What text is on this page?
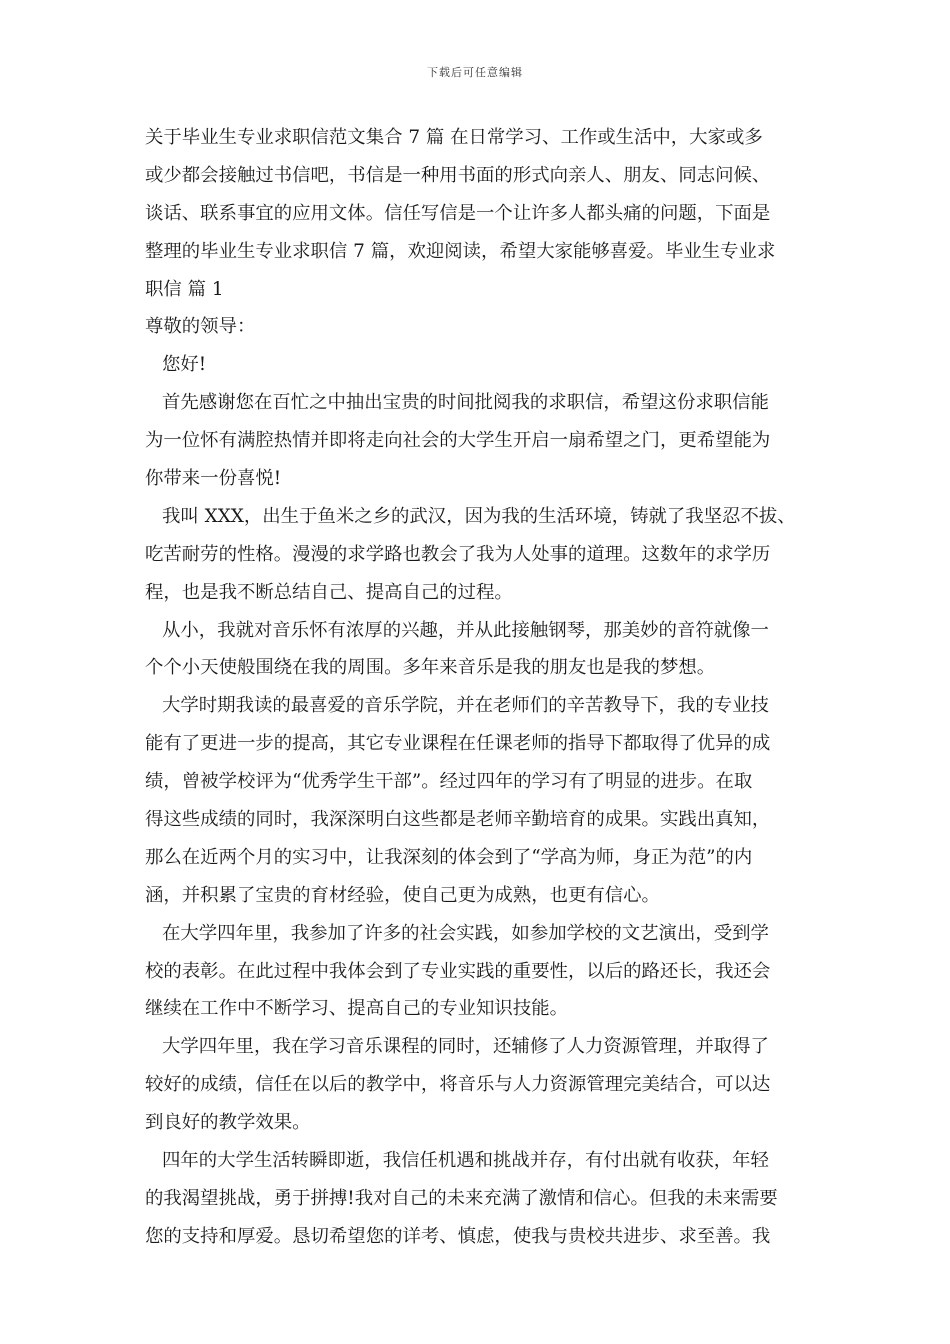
下载后可任意编辑
关于毕业生专业求职信范文集合 7 篇 在日常学习、工作或生活中，大家或多
或少都会接触过书信吧，书信是一种用书面的形式向亲人、朋友、同志问候、
谈话、联系事宜的应用文体。信任写信是一个让许多人都头痛的问题，下面是
整理的毕业生专业求职信 7 篇，欢迎阅读，希望大家能够喜爱。毕业生专业求
职信 篇 1
尊敬的领导：
您好!
首先感谢您在百忙之中抽出宝贵的时间批阅我的求职信，希望这份求职信能
为一位怀有满腔热情并即将走向社会的大学生开启一扇希望之门，更希望能为
你带来一份喜悦!
我叫 XXX，出生于鱼米之乡的武汉，因为我的生活环境，铸就了我坚忍不拔、
吃苦耐劳的性格。漫漫的求学路也教会了我为人处事的道理。这数年的求学历
程，也是我不断总结自己、提高自己的过程。
从小，我就对音乐怀有浓厚的兴趣，并从此接触钢琴，那美妙的音符就像一
个个小天使般围绕在我的周围。多年来音乐是我的朋友也是我的梦想。
大学时期我读的最喜爱的音乐学院，并在老师们的辛苦教导下，我的专业技
能有了更进一步的提高，其它专业课程在任课老师的指导下都取得了优异的成
绩，曾被学校评为“优秀学生干部”。经过四年的学习有了明显的进步。在取
得这些成绩的同时，我深深明白这些都是老师辛勤培育的成果。实践出真知，
那么在近两个月的实习中，让我深刻的体会到了“学高为师，身正为范”的内
涵，并积累了宝贵的育材经验，使自己更为成熟，也更有信心。
在大学四年里，我参加了许多的社会实践，如参加学校的文艺演出，受到学
校的表彰。在此过程中我体会到了专业实践的重要性，以后的路还长，我还会
继续在工作中不断学习、提高自己的专业知识技能。
大学四年里，我在学习音乐课程的同时，还辅修了人力资源管理，并取得了
较好的成绩，信任在以后的教学中，将音乐与人力资源管理完美结合，可以达
到良好的教学效果。
四年的大学生活转瞬即逝，我信任机遇和挑战并存，有付出就有收获，年轻
的我渴望挑战，勇于拼搏!我对自己的未来充满了激情和信心。但我的未来需要
您的支持和厚爱。恳切希望您的详考、慎虑，使我与贵校共进步、求至善。我
